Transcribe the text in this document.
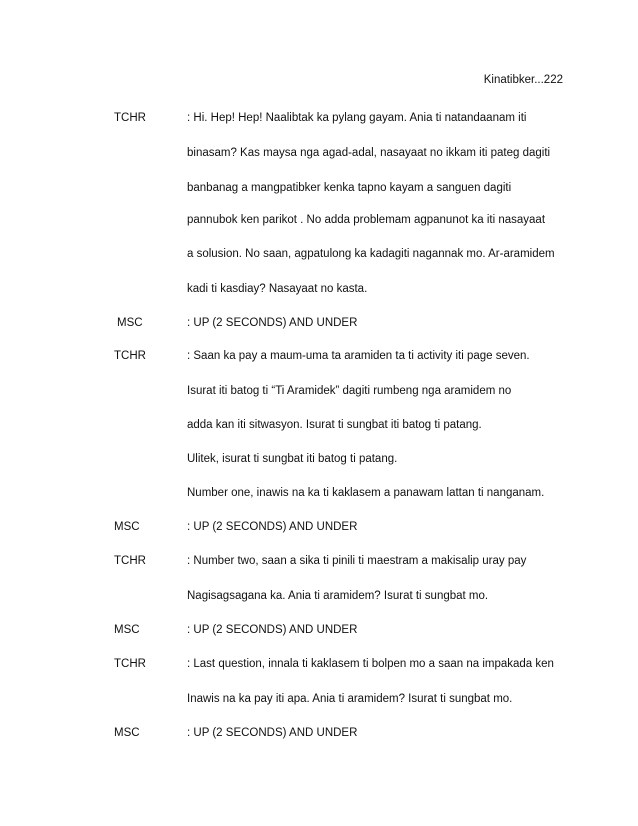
Kinatibker...222
TCHR	: Hi. Hep! Hep! Naalibtak ka pylang gayam. Ania ti natandaanam iti
binasam? Kas maysa nga agad-adal, nasayaat no ikkam iti pateg dagiti
banbanag a mangpatibker kenka tapno kayam a sanguen dagiti
pannubok ken parikot . No adda problemam agpanunot ka iti nasayaat
a solusion. No saan, agpatulong ka kadagiti nagannak mo. Ar-aramidem
kadi ti kasdiay? Nasayaat no kasta.
MSC	: UP (2 SECONDS) AND UNDER
TCHR	: Saan ka pay a maum-uma ta aramiden ta ti activity iti page seven.
Isurat iti batog ti “Ti Aramidek” dagiti rumbeng nga aramidem no
adda kan iti sitwasyon. Isurat ti sungbat iti batog ti patang.
Ulitek, isurat ti sungbat iti batog ti patang.
Number one, inawis na ka ti kaklasem a panawam lattan ti nanganam.
MSC	: UP (2 SECONDS) AND UNDER
TCHR	: Number two, saan a sika ti pinili ti maestram a makisalip uray pay
Nagisagsagana ka. Ania ti aramidem? Isurat ti sungbat mo.
MSC	: UP (2 SECONDS) AND UNDER
TCHR	: Last question, innala ti kaklasem ti bolpen mo a saan na impakada ken
Inawis na ka pay iti apa. Ania ti aramidem? Isurat ti sungbat mo.
MSC	: UP (2 SECONDS) AND UNDER
